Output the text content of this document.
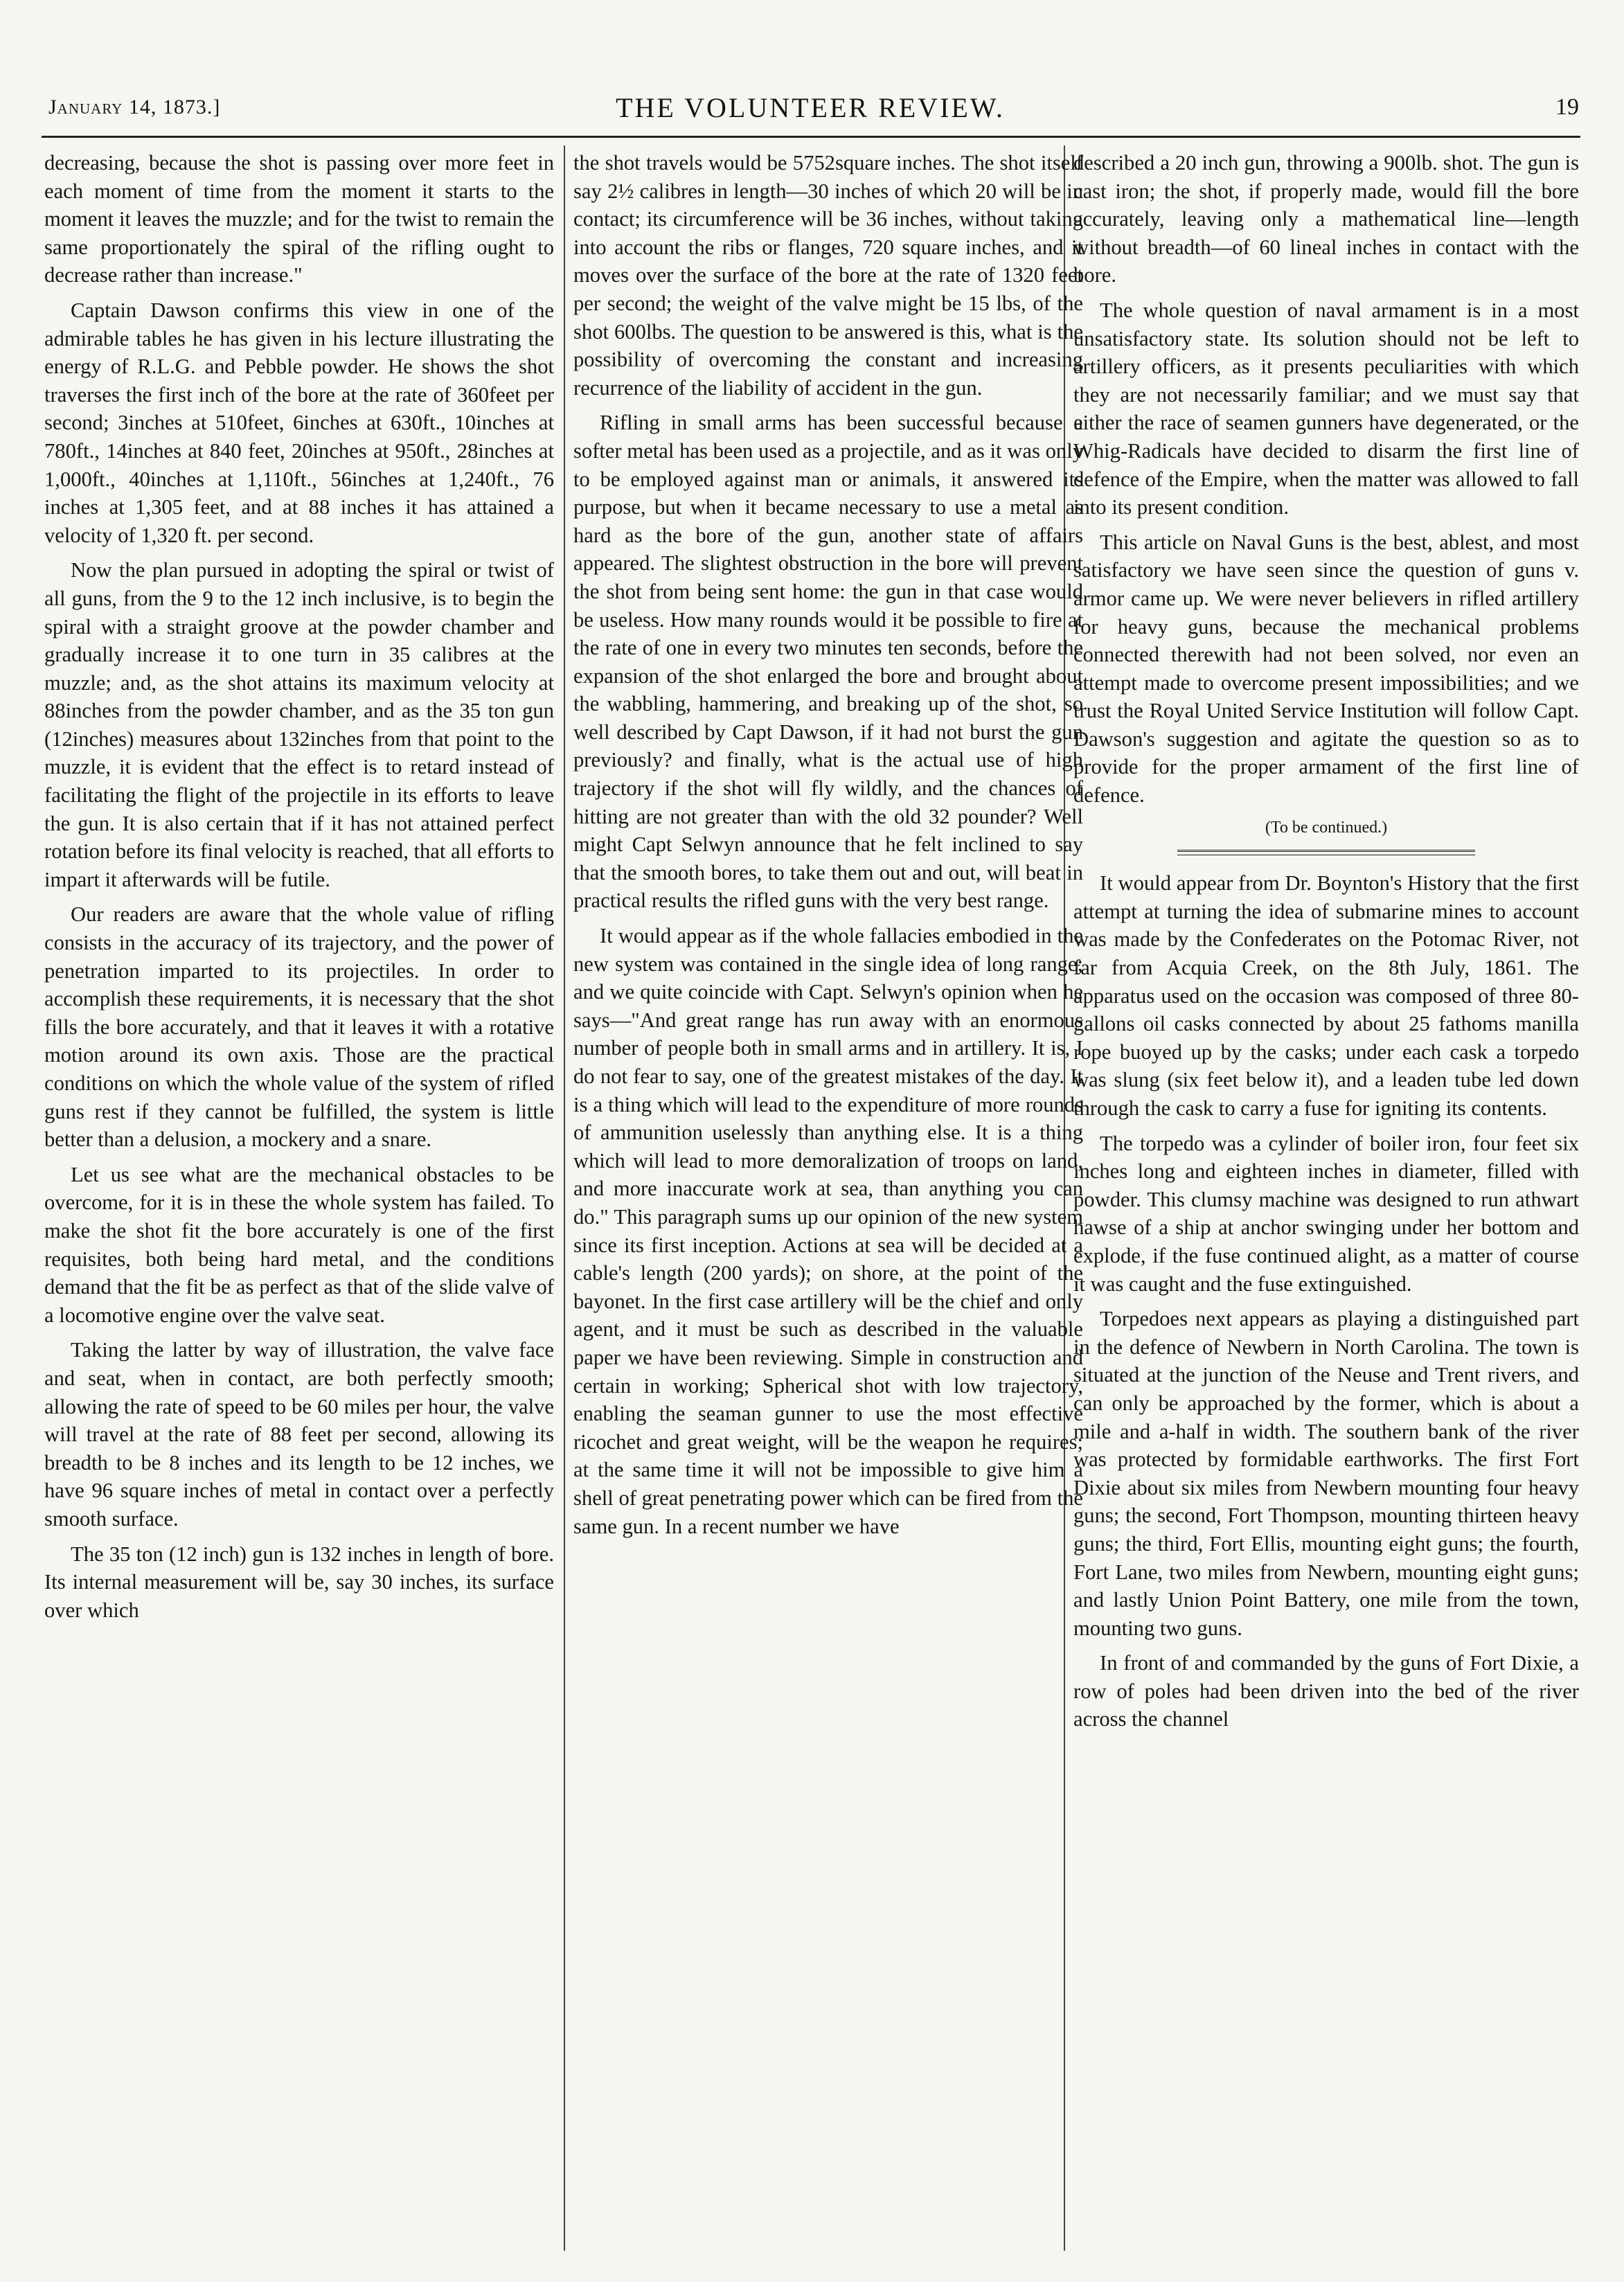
January 14, 1873.]	THE VOLUNTEER REVIEW.	19

decreasing, because the shot is passing over more feet in each moment of time from the moment it starts to the moment it leaves the muzzle; and for the twist to remain the same proportionately the spiral of the rifling ought to decrease rather than increase."

Captain Dawson confirms this view in one of the admirable tables he has given in his lecture illustrating the energy of R.L.G. and Pebble powder. He shows the shot traverses the first inch of the bore at the rate of 360feet per second; 3inches at 510feet, 6inches at 630ft., 10inches at 780ft., 14inches at 840 feet, 20inches at 950ft., 28inches at 1,000ft., 40inches at 1,110ft., 56inches at 1,240ft., 76 inches at 1,305 feet, and at 88 inches it has attained a velocity of 1,320 ft. per second.

Now the plan pursued in adopting the spiral or twist of all guns, from the 9 to the 12 inch inclusive, is to begin the spiral with a straight groove at the powder chamber and gradually increase it to one turn in 35 calibres at the muzzle; and, as the shot attains its maximum velocity at 88inches from the powder chamber, and as the 35 ton gun (12inches) measures about 132inches from that point to the muzzle, it is evident that the effect is to retard instead of facilitating the flight of the projectile in its efforts to leave the gun. It is also certain that if it has not attained perfect rotation before its final velocity is reached, that all efforts to impart it afterwards will be futile.

Our readers are aware that the whole value of rifling consists in the accuracy of its trajectory, and the power of penetration imparted to its projectiles. In order to accomplish these requirements, it is necessary that the shot fills the bore accurately, and that it leaves it with a rotative motion around its own axis. Those are the practical conditions on which the whole value of the system of rifled guns rest if they cannot be fulfilled, the system is little better than a delusion, a mockery and a snare.

Let us see what are the mechanical obstacles to be overcome, for it is in these the whole system has failed. To make the shot fit the bore accurately is one of the first requisites, both being hard metal, and the conditions demand that the fit be as perfect as that of the slide valve of a locomotive engine over the valve seat.

Taking the latter by way of illustration, the valve face and seat, when in contact, are both perfectly smooth; allowing the rate of speed to be 60 miles per hour, the valve will travel at the rate of 88 feet per second, allowing its breadth to be 8 inches and its length to be 12 inches, we have 96 square inches of metal in contact over a perfectly smooth surface.

The 35 ton (12 inch) gun is 132 inches in length of bore. Its internal measurement will be, say 30 inches, its surface over which

the shot travels would be 5752square inches. The shot itself say 2½ calibres in length—30 inches of which 20 will be in contact; its circumference will be 36 inches, without taking into account the ribs or flanges, 720 square inches, and it moves over the surface of the bore at the rate of 1320 feet per second; the weight of the valve might be 15 lbs, of the shot 600lbs. The question to be answered is this, what is the possibility of overcoming the constant and increasing recurrence of the liability of accident in the gun.

Rifling in small arms has been successful because a softer metal has been used as a projectile, and as it was only to be employed against man or animals, it answered its purpose, but when it became necessary to use a metal as hard as the bore of the gun, another state of affairs appeared. The slightest obstruction in the bore will prevent the shot from being sent home: the gun in that case would be useless. How many rounds would it be possible to fire at the rate of one in every two minutes ten seconds, before the expansion of the shot enlarged the bore and brought about the wabbling, hammering, and breaking up of the shot, so well described by Capt Dawson, if it had not burst the gun previously? and finally, what is the actual use of high trajectory if the shot will fly wildly, and the chances of hitting are not greater than with the old 32 pounder? Well might Capt Selwyn announce that he felt inclined to say that the smooth bores, to take them out and out, will beat in practical results the rifled guns with the very best range.

It would appear as if the whole fallacies embodied in the new system was contained in the single idea of long range; and we quite coincide with Capt. Selwyn's opinion when he says—"And great range has run away with an enormous number of people both in small arms and in artillery. It is, I do not fear to say, one of the greatest mistakes of the day. It is a thing which will lead to the expenditure of more rounds of ammunition uselessly than anything else. It is a thing which will lead to more demoralization of troops on land, and more inaccurate work at sea, than anything you can do." This paragraph sums up our opinion of the new system since its first inception. Actions at sea will be decided at a cable's length (200 yards); on shore, at the point of the bayonet. In the first case artillery will be the chief and only agent, and it must be such as described in the valuable paper we have been reviewing. Simple in construction and certain in working; Spherical shot with low trajectory, enabling the seaman gunner to use the most effective ricochet and great weight, will be the weapon he requires; at the same time it will not be impossible to give him a shell of great penetrating power which can be fired from the same gun. In a recent number we have

described a 20 inch gun, throwing a 900lb. shot. The gun is cast iron; the shot, if properly made, would fill the bore accurately, leaving only a mathematical line—length without breadth—of 60 lineal inches in contact with the bore.

The whole question of naval armament is in a most unsatisfactory state. Its solution should not be left to artillery officers, as it presents peculiarities with which they are not necessarily familiar; and we must say that either the race of seamen gunners have degenerated, or the Whig-Radicals have decided to disarm the first line of defence of the Empire, when the matter was allowed to fall into its present condition.

This article on Naval Guns is the best, ablest, and most satisfactory we have seen since the question of guns v. armor came up. We were never believers in rifled artillery for heavy guns, because the mechanical problems connected therewith had not been solved, nor even an attempt made to overcome present impossibilities; and we trust the Royal United Service Institution will follow Capt. Dawson's suggestion and agitate the question so as to provide for the proper armament of the first line of defence.

(To be continued.)

It would appear from Dr. Boynton's History that the first attempt at turning the idea of submarine mines to account was made by the Confederates on the Potomac River, not far from Acquia Creek, on the 8th July, 1861. The apparatus used on the occasion was composed of three 80-gallons oil casks connected by about 25 fathoms manilla rope buoyed up by the casks; under each cask a torpedo was slung (six feet below it), and a leaden tube led down through the cask to carry a fuse for igniting its contents.

The torpedo was a cylinder of boiler iron, four feet six inches long and eighteen inches in diameter, filled with powder. This clumsy machine was designed to run athwart hawse of a ship at anchor swinging under her bottom and explode, if the fuse continued alight, as a matter of course it was caught and the fuse extinguished.

Torpedoes next appears as playing a distinguished part in the defence of Newbern in North Carolina. The town is situated at the junction of the Neuse and Trent rivers, and can only be approached by the former, which is about a mile and a-half in width. The southern bank of the river was protected by formidable earthworks. The first Fort Dixie about six miles from Newbern mounting four heavy guns; the second, Fort Thompson, mounting thirteen heavy guns; the third, Fort Ellis, mounting eight guns; the fourth, Fort Lane, two miles from Newbern, mounting eight guns; and lastly Union Point Battery, one mile from the town, mounting two guns.

In front of and commanded by the guns of Fort Dixie, a row of poles had been driven into the bed of the river across the channel
